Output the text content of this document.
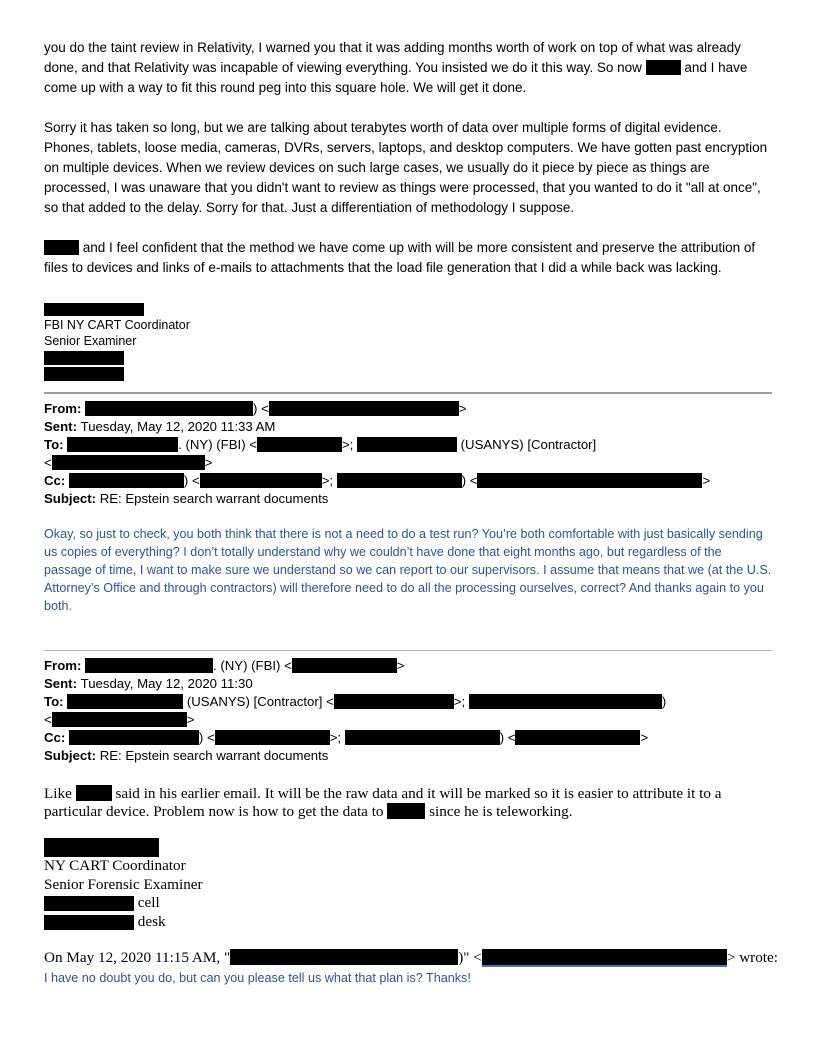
you do the taint review in Relativity, I warned you that it was adding months worth of work on top of what was already done, and that Relativity was incapable of viewing everything. You insisted we do it this way. So now	and I have come up with a way to fit this round peg into this square hole. We will get it done.
Sorry it has taken so long, but we are talking about terabytes worth of data over multiple forms of digital evidence. Phones, tablets, loose media, cameras, DVRs, servers, laptops, and desktop computers. We have gotten past encryption on multiple devices. When we review devices on such large cases, we usually do it piece by piece as things are processed, I was unaware that you didn't want to review as things were processed, that you wanted to do it "all at once", so that added to the delay. Sorry for that. Just a differentiation of methodology I suppose.
and I feel confident that the method we have come up with will be more consistent and preserve the attribution of files to devices and links of e-mails to attachments that the load file generation that I did a while back was lacking.
FBI NY CART Coordinator
Senior Examiner
From:	) <	>
Sent: Tuesday, May 12, 2020 11:33 AM
To:	. (NY) (FBI) <	>;	(USANYS) [Contractor]
<	>
Cc:	) <	>;	) <	>
Subject: RE: Epstein search warrant documents
Okay, so just to check, you both think that there is not a need to do a test run? You’re both comfortable with just basically sending us copies of everything? I don’t totally understand why we couldn’t have done that eight months ago, but regardless of the passage of time, I want to make sure we understand so we can report to our supervisors. I assume that means that we (at the U.S. Attorney’s Office and through contractors) will therefore need to do all the processing ourselves, correct? And thanks again to you both.
From:	. (NY) (FBI) <	>
Sent: Tuesday, May 12, 2020 11:30
To:	(USANYS) [Contractor] <	>;	)
<	>
Cc:	) <	>;	) <	>
Subject: RE: Epstein search warrant documents
Like  said in his earlier email. It will be the raw data and it will be marked so it is easier to attribute it to a particular device. Problem now is how to get the data to	since he is teleworking.
NY CART Coordinator
Senior Forensic Examiner
cell
desk
On May 12, 2020 11:15 AM, "	)" <	> wrote:
I have no doubt you do, but can you please tell us what that plan is? Thanks!
